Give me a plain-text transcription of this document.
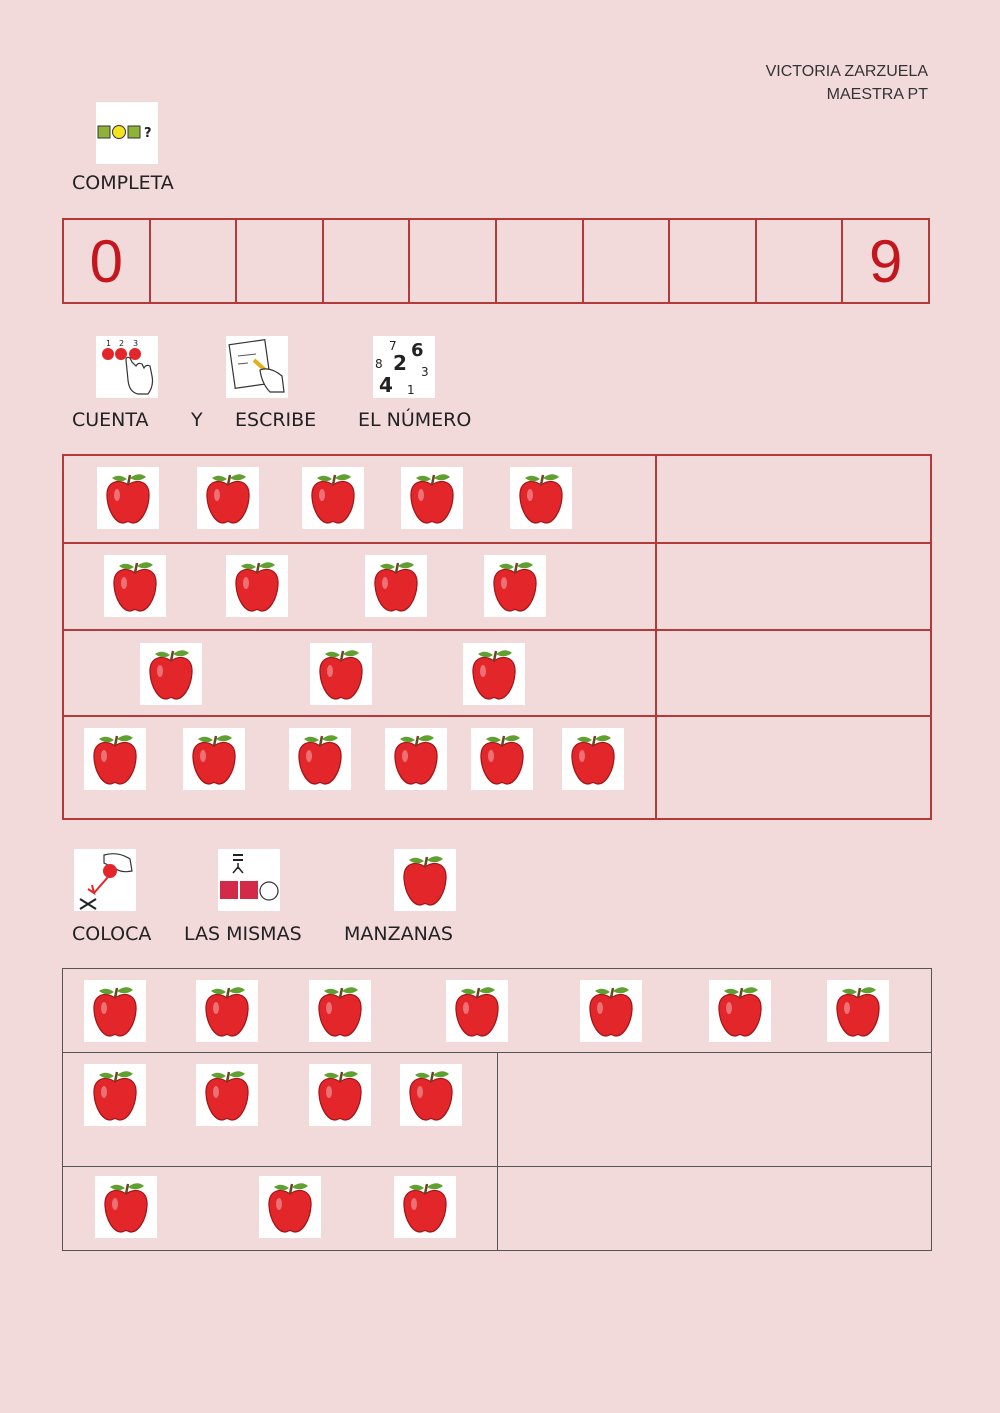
VICTORIA ZARZUELA
MAESTRA PT
?
COMPLETA
0	9
1 2 3	7 6
8 2 3
4 1
CUENTA Y ESCRIBE EL NÚMERO
COLOCA LAS MISMAS MANZANAS
